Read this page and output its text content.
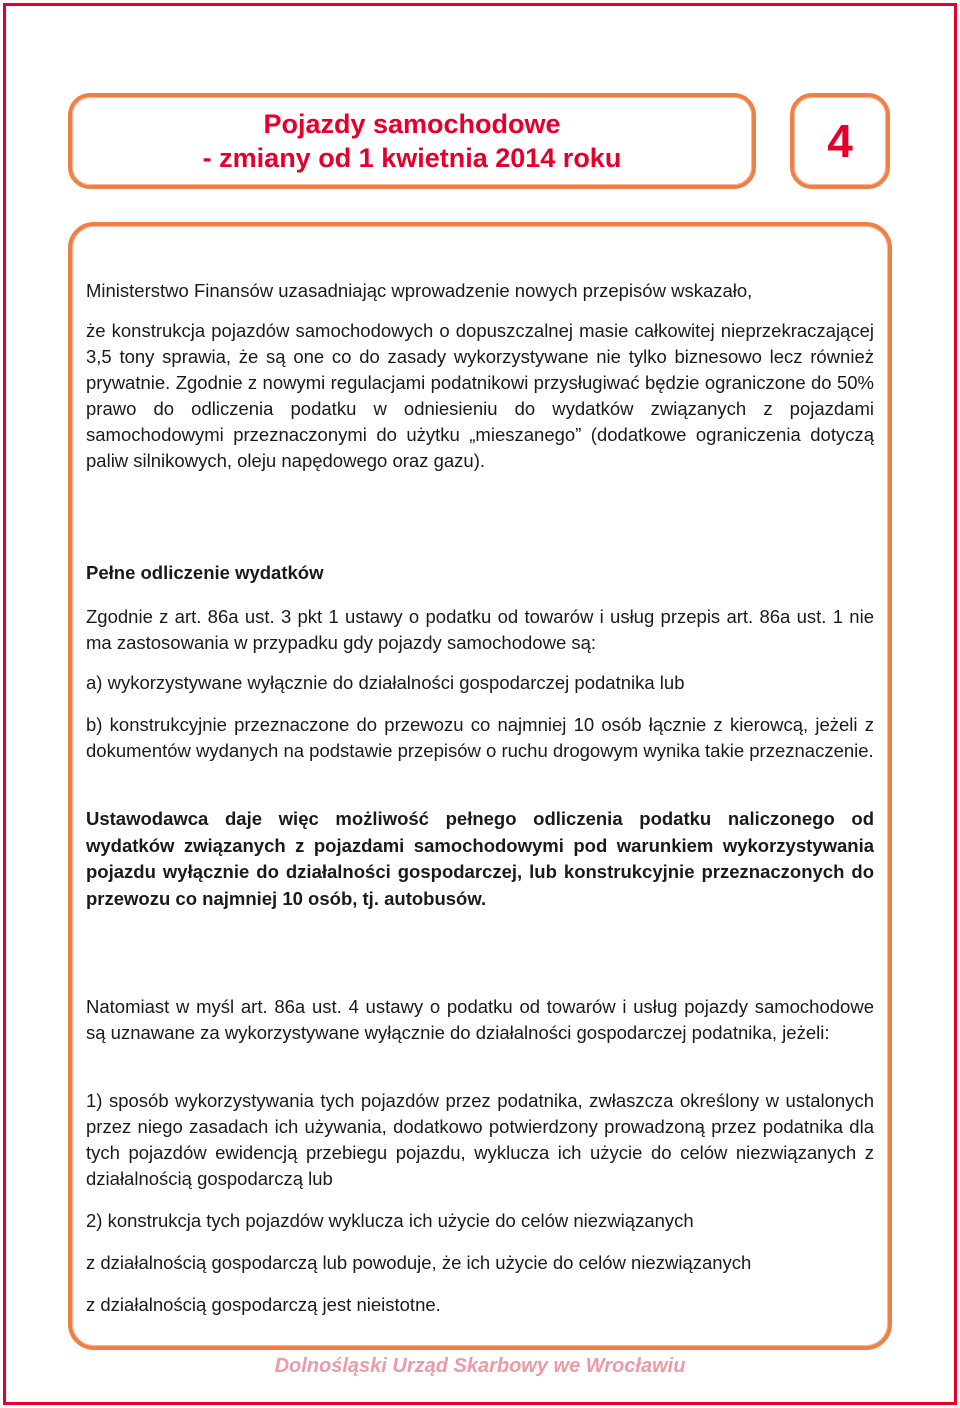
Pojazdy samochodowe
- zmiany od 1 kwietnia 2014 roku	4
Ministerstwo Finansów uzasadniając wprowadzenie nowych przepisów wskazało,
że konstrukcja pojazdów samochodowych o dopuszczalnej masie całkowitej nieprzekraczającej 3,5 tony sprawia, że są one co do zasady wykorzystywane nie tylko biznesowo lecz również prywatnie. Zgodnie z nowymi regulacjami podatnikowi przysługiwać będzie ograniczone do 50% prawo do odliczenia podatku w odniesieniu do wydatków związanych z pojazdami samochodowymi przeznaczonymi do użytku „mieszanego” (dodatkowe ograniczenia dotyczą paliw silnikowych, oleju napędowego oraz gazu).
Pełne odliczenie wydatków
Zgodnie z art. 86a ust. 3 pkt 1 ustawy o podatku od towarów i usług przepis art. 86a ust. 1 nie ma zastosowania w przypadku gdy pojazdy samochodowe są:
a) wykorzystywane wyłącznie do działalności gospodarczej podatnika lub
b) konstrukcyjnie przeznaczone do przewozu co najmniej 10 osób łącznie z kierowcą, jeżeli z dokumentów wydanych na podstawie przepisów o ruchu drogowym wynika takie przeznaczenie.
Ustawodawca daje więc możliwość pełnego odliczenia podatku naliczonego od wydatków związanych z pojazdami samochodowymi pod warunkiem wykorzystywania pojazdu wyłącznie do działalności gospodarczej, lub konstrukcyjnie przeznaczonych do przewozu co najmniej 10 osób, tj. autobusów.
Natomiast w myśl art. 86a ust. 4 ustawy o podatku od towarów i usług pojazdy samochodowe są uznawane za wykorzystywane wyłącznie do działalności gospodarczej podatnika, jeżeli:
1) sposób wykorzystywania tych pojazdów przez podatnika, zwłaszcza określony w ustalonych przez niego zasadach ich używania, dodatkowo potwierdzony prowadzoną przez podatnika dla tych pojazdów ewidencją przebiegu pojazdu, wyklucza ich użycie do celów niezwiązanych z działalnością gospodarczą lub
2) konstrukcja tych pojazdów wyklucza ich użycie do celów niezwiązanych
z działalnością gospodarczą lub powoduje, że ich użycie do celów niezwiązanych
z działalnością gospodarczą jest nieistotne.
Dolnośląski Urząd Skarbowy we Wrocławiu
